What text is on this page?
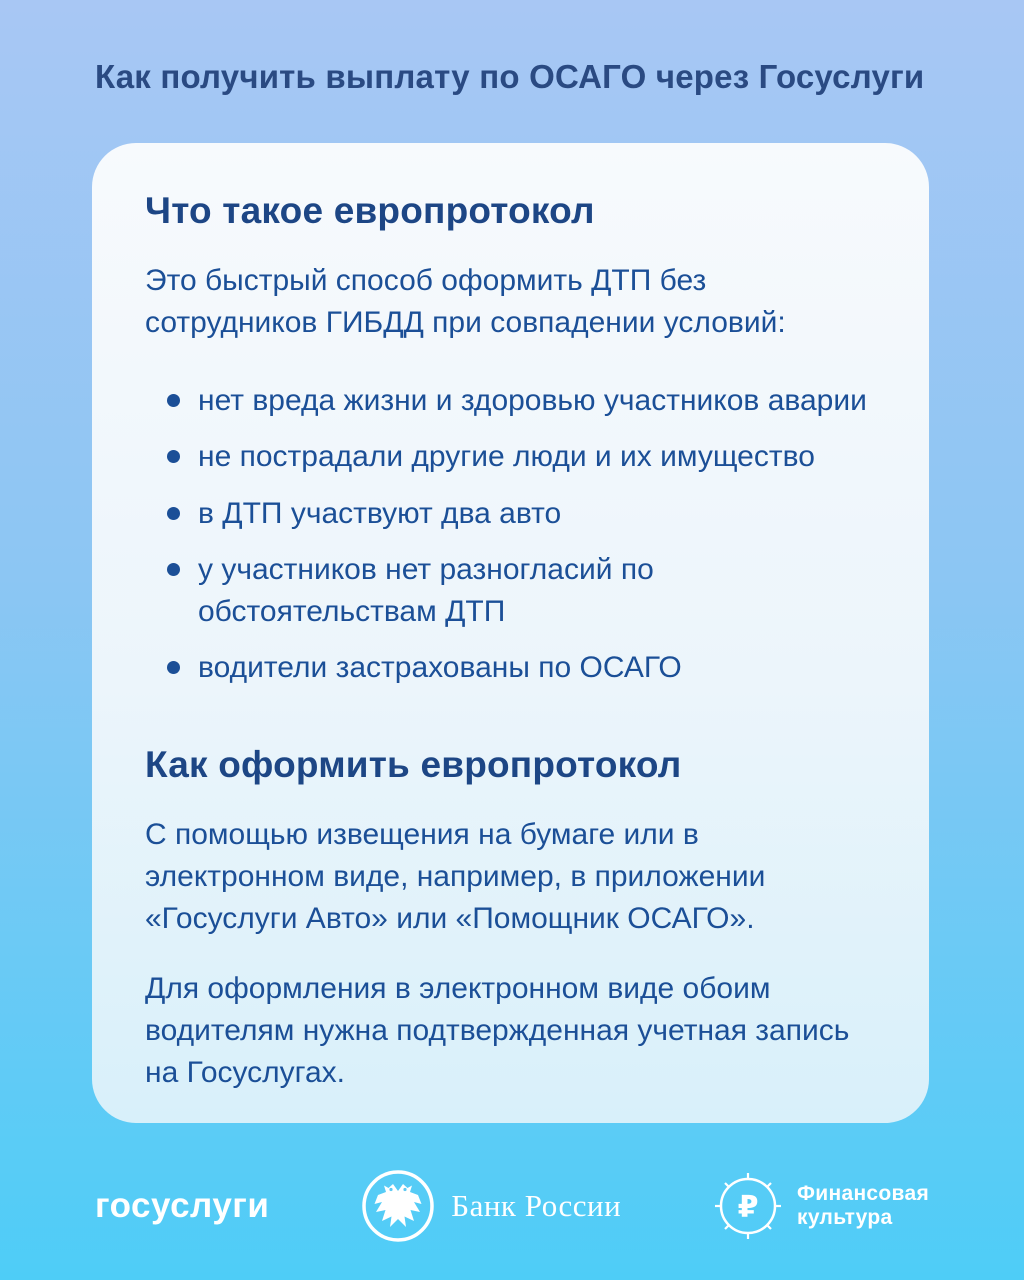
Как получить выплату по ОСАГО через Госуслуги
Что такое европротокол

Это быстрый способ оформить ДТП без сотрудников ГИБДД при совпадении условий:

нет вреда жизни и здоровью участников аварии
не пострадали другие люди и их имущество
в ДТП участвуют два авто
у участников нет разногласий по обстоятельствам ДТП
водители застрахованы по ОСАГО
Как оформить европротокол

С помощью извещения на бумаге или в электронном виде, например, в приложении «Госуслуги Авто» или «Помощник ОСАГО».

Для оформления в электронном виде обоим водителям нужна подтвержденная учетная запись на Госуслугах.

госуслуги	Банк России	₽ Финансовая
культура
